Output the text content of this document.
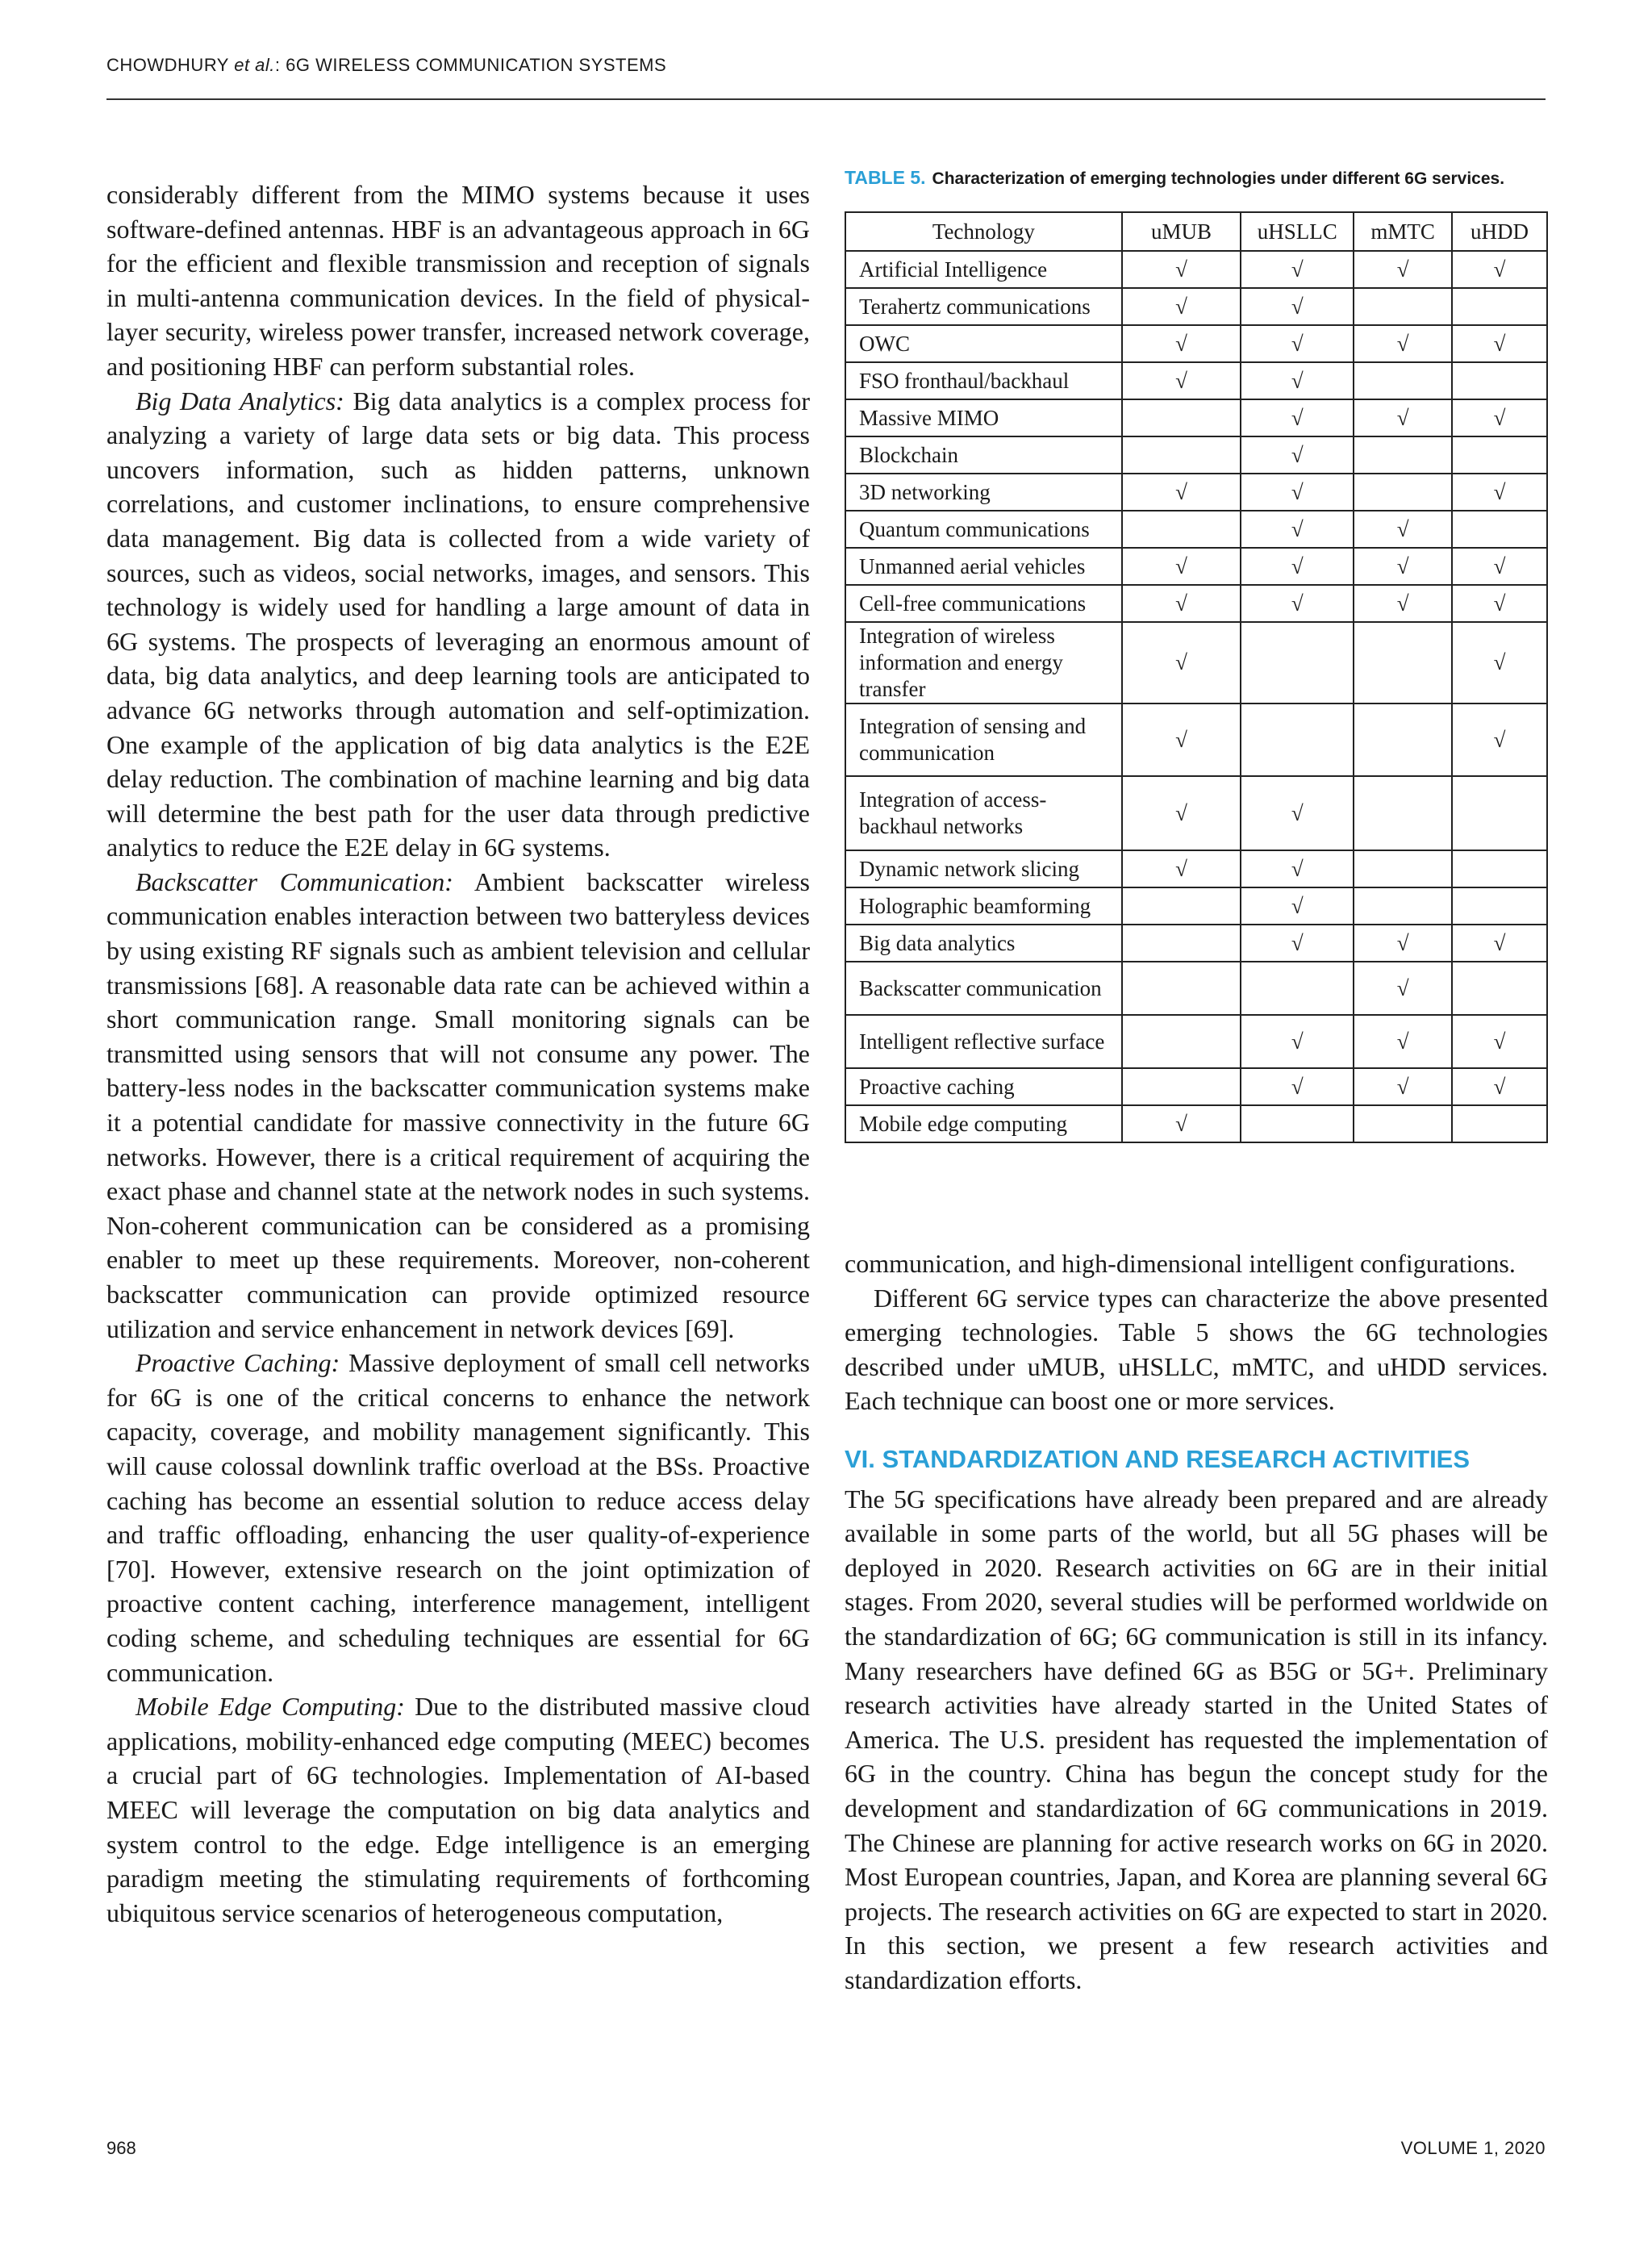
CHOWDHURY et al.: 6G WIRELESS COMMUNICATION SYSTEMS

considerably different from the MIMO systems because it uses software-defined antennas. HBF is an advantageous approach in 6G for the efficient and flexible transmission and reception of signals in multi-antenna communication devices. In the field of physical-layer security, wireless power transfer, increased network coverage, and positioning HBF can perform substantial roles.

Big Data Analytics: Big data analytics is a complex process for analyzing a variety of large data sets or big data. This process uncovers information, such as hidden patterns, unknown correlations, and customer inclinations, to ensure comprehensive data management. Big data is collected from a wide variety of sources, such as videos, social networks, images, and sensors. This technology is widely used for handling a large amount of data in 6G systems. The prospects of leveraging an enormous amount of data, big data analytics, and deep learning tools are anticipated to advance 6G networks through automation and self-optimization. One example of the application of big data analytics is the E2E delay reduction. The combination of machine learning and big data will determine the best path for the user data through predictive analytics to reduce the E2E delay in 6G systems.

Backscatter Communication: Ambient backscatter wireless communication enables interaction between two batteryless devices by using existing RF signals such as ambient television and cellular transmissions [68]. A reasonable data rate can be achieved within a short communication range. Small monitoring signals can be transmitted using sensors that will not consume any power. The battery-less nodes in the backscatter communication systems make it a potential candidate for massive connectivity in the future 6G networks. However, there is a critical requirement of acquiring the exact phase and channel state at the network nodes in such systems. Non-coherent communication can be considered as a promising enabler to meet up these requirements. Moreover, non-coherent backscatter communication can provide optimized resource utilization and service enhancement in network devices [69].

Proactive Caching: Massive deployment of small cell networks for 6G is one of the critical concerns to enhance the network capacity, coverage, and mobility management significantly. This will cause colossal downlink traffic overload at the BSs. Proactive caching has become an essential solution to reduce access delay and traffic offloading, enhancing the user quality-of-experience [70]. However, extensive research on the joint optimization of proactive content caching, interference management, intelligent coding scheme, and scheduling techniques are essential for 6G communication.

Mobile Edge Computing: Due to the distributed massive cloud applications, mobility-enhanced edge computing (MEEC) becomes a crucial part of 6G technologies. Implementation of AI-based MEEC will leverage the computation on big data analytics and system control to the edge. Edge intelligence is an emerging paradigm meeting the stimulating requirements of forthcoming ubiquitous service scenarios of heterogeneous computation,

TABLE 5. Characterization of emerging technologies under different 6G services.
Technology	uMUB	uHSLLC	mMTC	uHDD
Artificial Intelligence	√	√	√	√
Terahertz communications	√	√		
OWC	√	√	√	√
FSO fronthaul/backhaul	√	√		
Massive MIMO		√	√	√
Blockchain		√		
3D networking	√	√		√
Quantum communications		√	√	
Unmanned aerial vehicles	√	√	√	√
Cell-free communications	√	√	√	√
Integration of wireless information and energy transfer	√			√
Integration of sensing and communication	√			√
Integration of access-backhaul networks	√	√		
Dynamic network slicing	√	√		
Holographic beamforming		√		
Big data analytics		√	√	√
Backscatter communication			√	
Intelligent reflective surface		√	√	√
Proactive caching		√	√	√
Mobile edge computing	√			

communication, and high-dimensional intelligent configurations.

Different 6G service types can characterize the above presented emerging technologies. Table 5 shows the 6G technologies described under uMUB, uHSLLC, mMTC, and uHDD services. Each technique can boost one or more services.

VI. STANDARDIZATION AND RESEARCH ACTIVITIES

The 5G specifications have already been prepared and are already available in some parts of the world, but all 5G phases will be deployed in 2020. Research activities on 6G are in their initial stages. From 2020, several studies will be performed worldwide on the standardization of 6G; 6G communication is still in its infancy. Many researchers have defined 6G as B5G or 5G+. Preliminary research activities have already started in the United States of America. The U.S. president has requested the implementation of 6G in the country. China has begun the concept study for the development and standardization of 6G communications in 2019. The Chinese are planning for active research works on 6G in 2020. Most European countries, Japan, and Korea are planning several 6G projects. The research activities on 6G are expected to start in 2020. In this section, we present a few research activities and standardization efforts.

968	VOLUME 1, 2020
